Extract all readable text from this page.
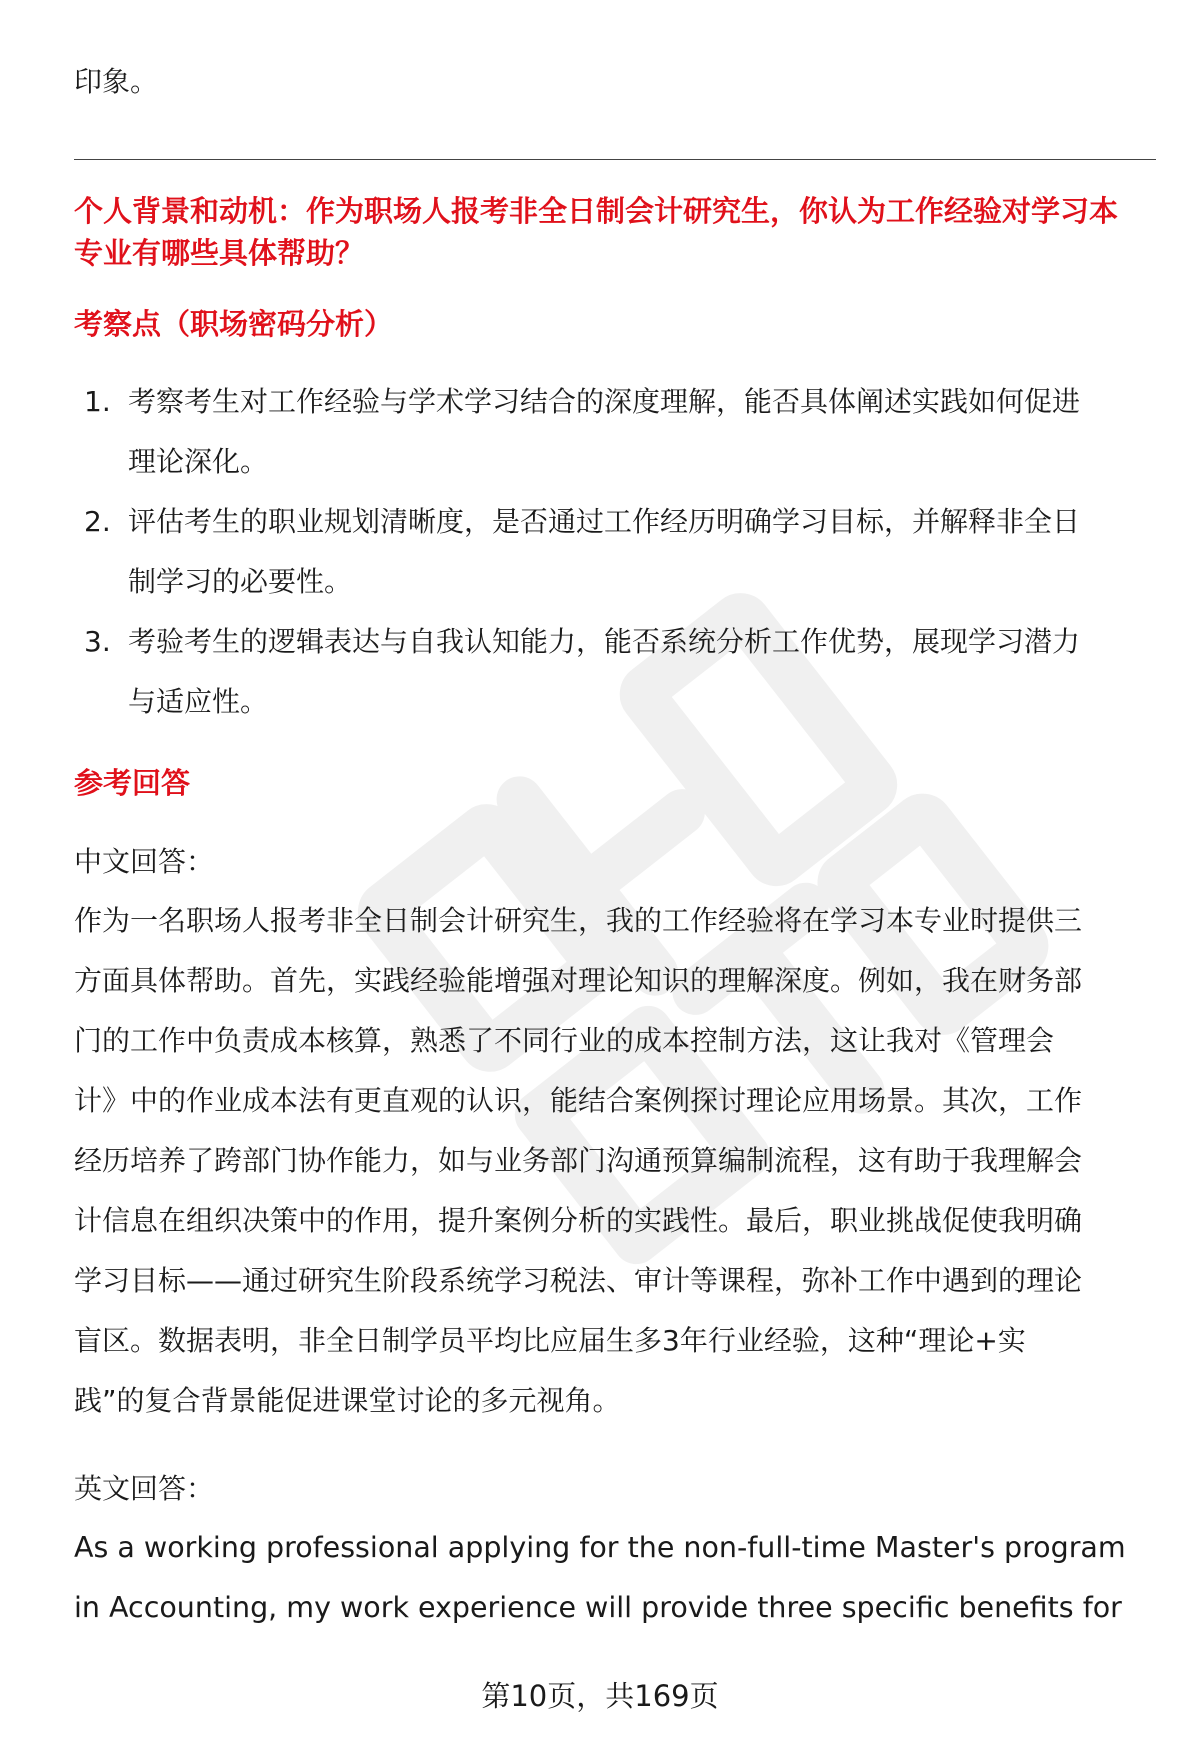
印象。
个人背景和动机：作为职场人报考非全日制会计研究生，你认为工作经验对学习本
专业有哪些具体帮助？
考察点（职场密码分析）
1. 考察考生对工作经验与学术学习结合的深度理解，能否具体阐述实践如何促进
理论深化。
2. 评估考生的职业规划清晰度，是否通过工作经历明确学习目标，并解释非全日
制学习的必要性。
3. 考验考生的逻辑表达与自我认知能力，能否系统分析工作优势，展现学习潜力
与适应性。
参考回答
中文回答：
作为一名职场人报考非全日制会计研究生，我的工作经验将在学习本专业时提供三
方面具体帮助。首先，实践经验能增强对理论知识的理解深度。例如，我在财务部
门的工作中负责成本核算，熟悉了不同行业的成本控制方法，这让我对《管理会
计》中的作业成本法有更直观的认识，能结合案例探讨理论应用场景。其次，工作
经历培养了跨部门协作能力，如与业务部门沟通预算编制流程，这有助于我理解会
计信息在组织决策中的作用，提升案例分析的实践性。最后，职业挑战促使我明确
学习目标——通过研究生阶段系统学习税法、审计等课程，弥补工作中遇到的理论
盲区。数据表明，非全日制学员平均比应届生多3年行业经验，这种“理论+实
践”的复合背景能促进课堂讨论的多元视角。
英文回答：
As a working professional applying for the non-full-time Master's program
in Accounting, my work experience will provide three specific benefits for
第10页，共169页
